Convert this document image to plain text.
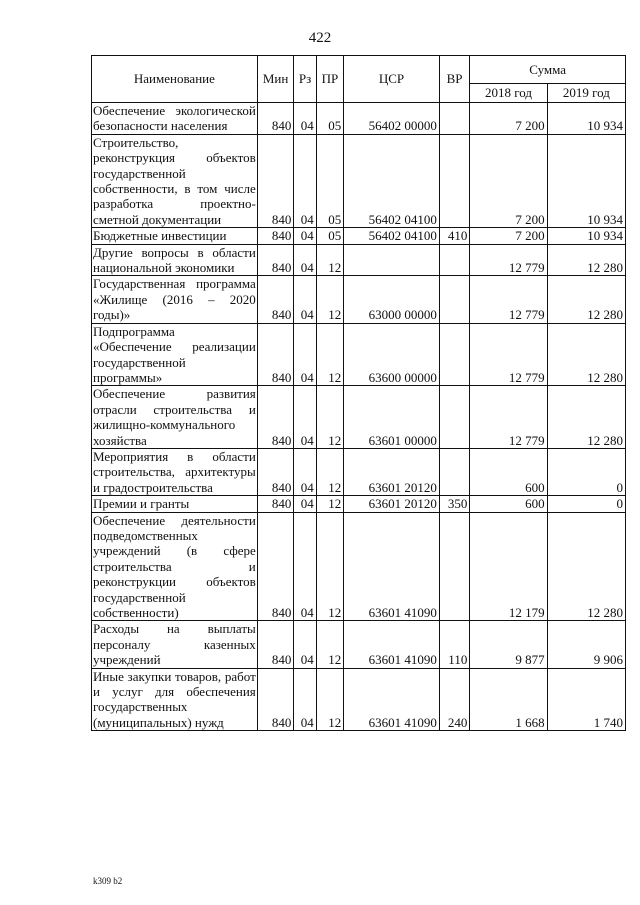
422
Наименование	Мин	Рз	ПР	ЦСР	ВР	Сумма	
						2018 год	2019 год
Обеспечение экологической безопасности населения	840	04	05	56402 00000		7 200	10 934
Строительство, реконструкция объектов государственной собственности, в том числе разработка проектно-сметной документации	840	04	05	56402 04100		7 200	10 934
Бюджетные инвестиции	840	04	05	56402 04100	410	7 200	10 934
Другие вопросы в области национальной экономики	840	04	12			12 779	12 280
Государственная программа «Жилище (2016 – 2020 годы)»	840	04	12	63000 00000		12 779	12 280
Подпрограмма «Обеспечение реализации государственной программы»	840	04	12	63600 00000		12 779	12 280
Обеспечение развития отрасли строительства и жилищно-коммунального хозяйства	840	04	12	63601 00000		12 779	12 280
Мероприятия в области строительства, архитектуры и градостроительства	840	04	12	63601 20120		600	0
Премии и гранты	840	04	12	63601 20120	350	600	0
Обеспечение деятельности подведомственных учреждений (в сфере строительства и реконструкции объектов государственной собственности)	840	04	12	63601 41090		12 179	12 280
Расходы на выплаты персоналу казенных учреждений	840	04	12	63601 41090	110	9 877	9 906
Иные закупки товаров, работ и услуг для обеспечения государственных (муниципальных) нужд	840	04	12	63601 41090	240	1 668	1 740
k309 b2
